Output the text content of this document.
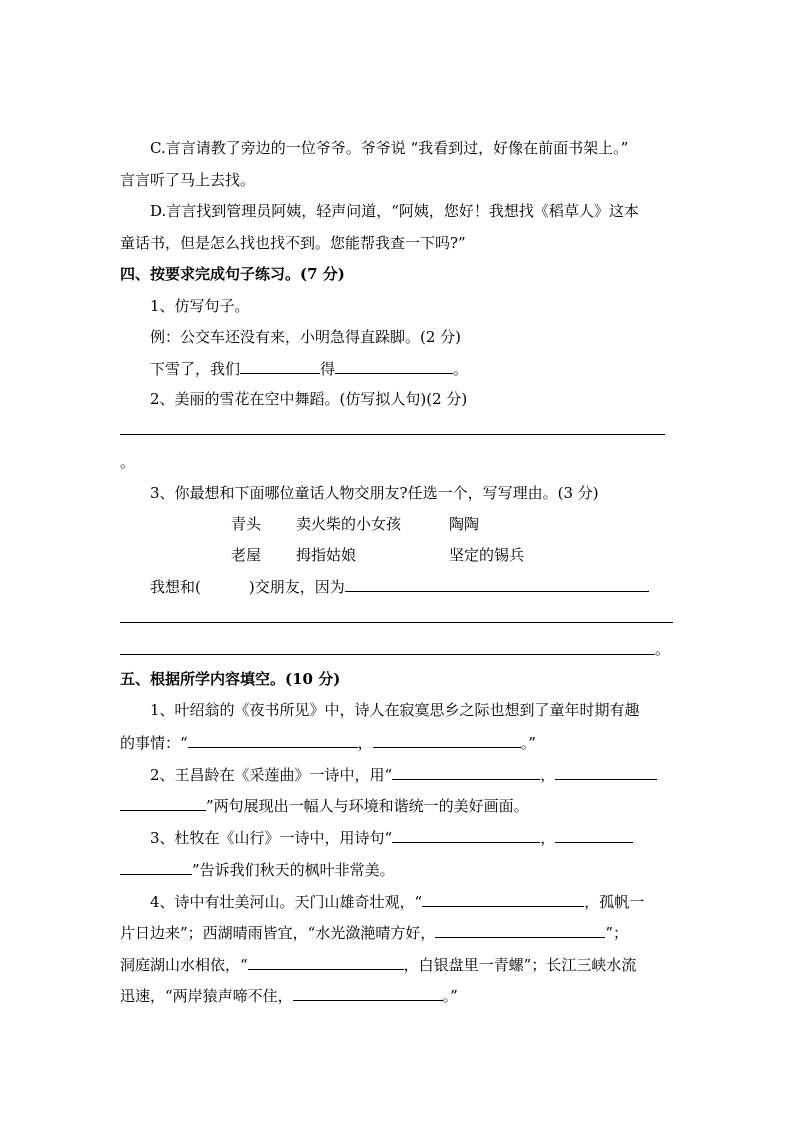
C.言言请教了旁边的一位爷爷。爷爷说 “我看到过，好像在前面书架上。”
言言听了马上去找。
D.言言找到管理员阿姨，轻声问道，“阿姨，您好！我想找《稻草人》这本
童话书，但是怎么找也找不到。您能帮我查一下吗?”
四、按要求完成句子练习。(7 分)
1、仿写句子。
例：公交车还没有来，小明急得直跺脚。(2 分)
下雪了，我们	得	。
2、美丽的雪花在空中舞蹈。(仿写拟人句)(2 分)
。
3、你最想和下面哪位童话人物交朋友?任选一个，写写理由。(3 分)
青头 卖火柴的小女孩	陶陶
老屋 拇指姑娘	坚定的锡兵
我想和(	)交朋友，因为
。
五、根据所学内容填空。(10 分)
1、叶绍翁的《夜书所见》中，诗人在寂寞思乡之际也想到了童年时期有趣
的事情：“	，	。”
2、王昌龄在《采莲曲》一诗中，用“	，
”两句展现出一幅人与环境和谐统一的美好画面。
3、杜牧在《山行》一诗中，用诗句“	，
”告诉我们秋天的枫叶非常美。
4、诗中有壮美河山。天门山雄奇壮观，“	，孤帆一
片日边来”；西湖晴雨皆宜，“水光潋滟晴方好，	”；
洞庭湖山水相依，“	，白银盘里一青螺”；长江三峡水流
迅速，“两岸猿声啼不住，	。”
